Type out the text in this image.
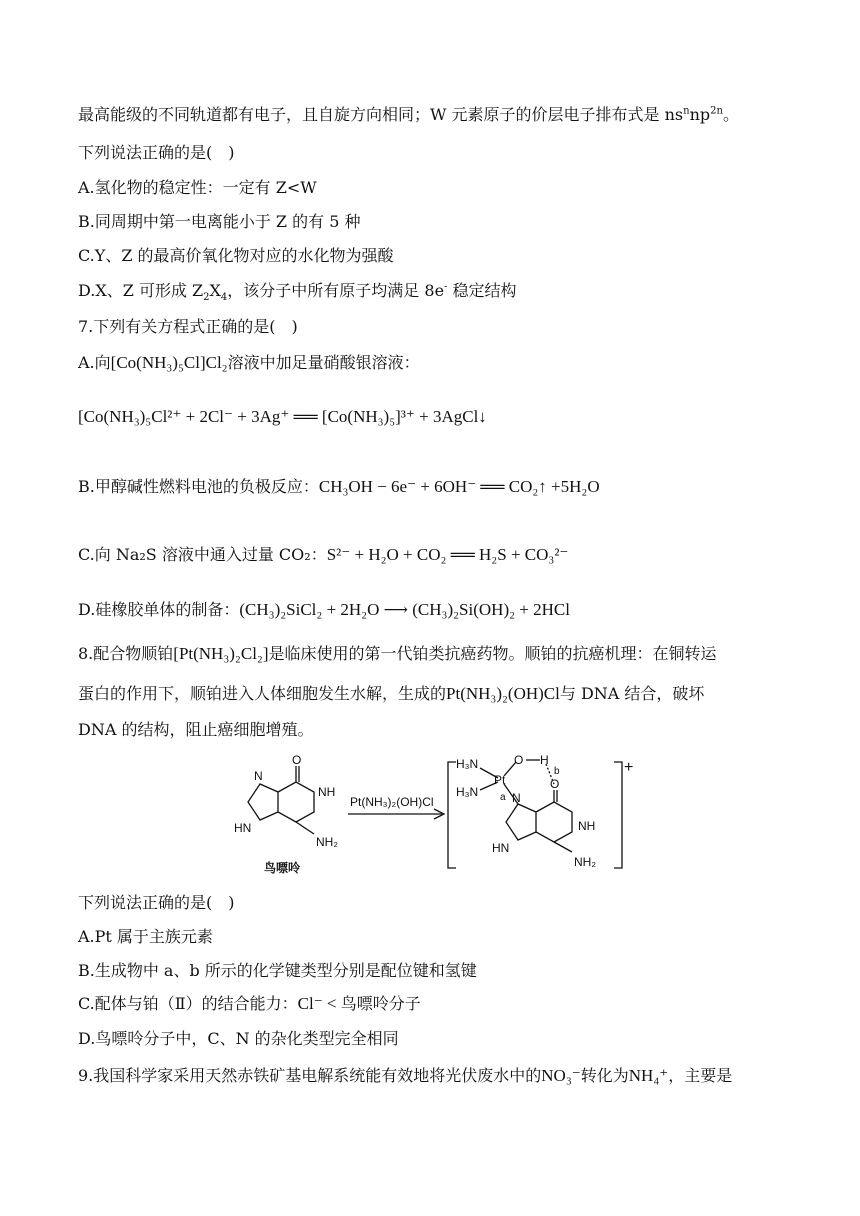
最高能级的不同轨道都有电子，且自旋方向相同；W 元素原子的价层电子排布式是 $ns^nnp^{2n}$。
下列说法正确的是(　)
A.氢化物的稳定性：一定有 Z<W
B.同周期中第一电离能小于 Z 的有 5 种
C.Y、Z 的最高价氧化物对应的水化物为强酸
D.X、Z 可形成 $Z_2X_4$，该分子中所有原子均满足 8e- 稳定结构
7.下列有关方程式正确的是(　)
A.向[Co(NH₃)₅Cl]Cl₂溶液中加足量硝酸银溶液：
[Co(NH₃)₅Cl²⁺ + 2Cl⁻ + 3Ag⁺ ══ [Co(NH₃)₅]³⁺ + 3AgCl↓
B.甲醇碱性燃料电池的负极反应：CH₃OH − 6e⁻ + 6OH⁻ ══ CO₂↑ +5H₂O
C.向 Na₂S 溶液中通入过量 CO₂：S²⁻ + H₂O + CO₂ ══ H₂S + CO₃²⁻
D.硅橡胶单体的制备：(CH₃)₂SiCl₂ + 2H₂O ⟶ (CH₃)₂Si(OH)₂ + 2HCl
8.配合物顺铂[Pt(NH₃)₂Cl₂]是临床使用的第一代铂类抗癌药物。顺铂的抗癌机理：在铜转运
蛋白的作用下，顺铂进入人体细胞发生水解，生成的Pt(NH₃)₂(OH)Cl与 DNA 结合，破坏
DNA 的结构，阻止癌细胞增殖。
O
NH
N
HN
NH₂
鸟嘌呤
Pt(NH₃)₂(OH)Cl
H₃N
H₃N
Pt
O H
a
b
O
NH
N
HN
NH₂
+
下列说法正确的是(　)
A.Pt 属于主族元素
B.生成物中 a、b 所示的化学键类型分别是配位键和氢键
C.配体与铂（Ⅱ）的结合能力：Cl⁻ < 鸟嘌呤分子
D.鸟嘌呤分子中，C、N 的杂化类型完全相同
9.我国科学家采用天然赤铁矿基电解系统能有效地将光伏废水中的NO₃⁻转化为NH₄⁺，主要是
